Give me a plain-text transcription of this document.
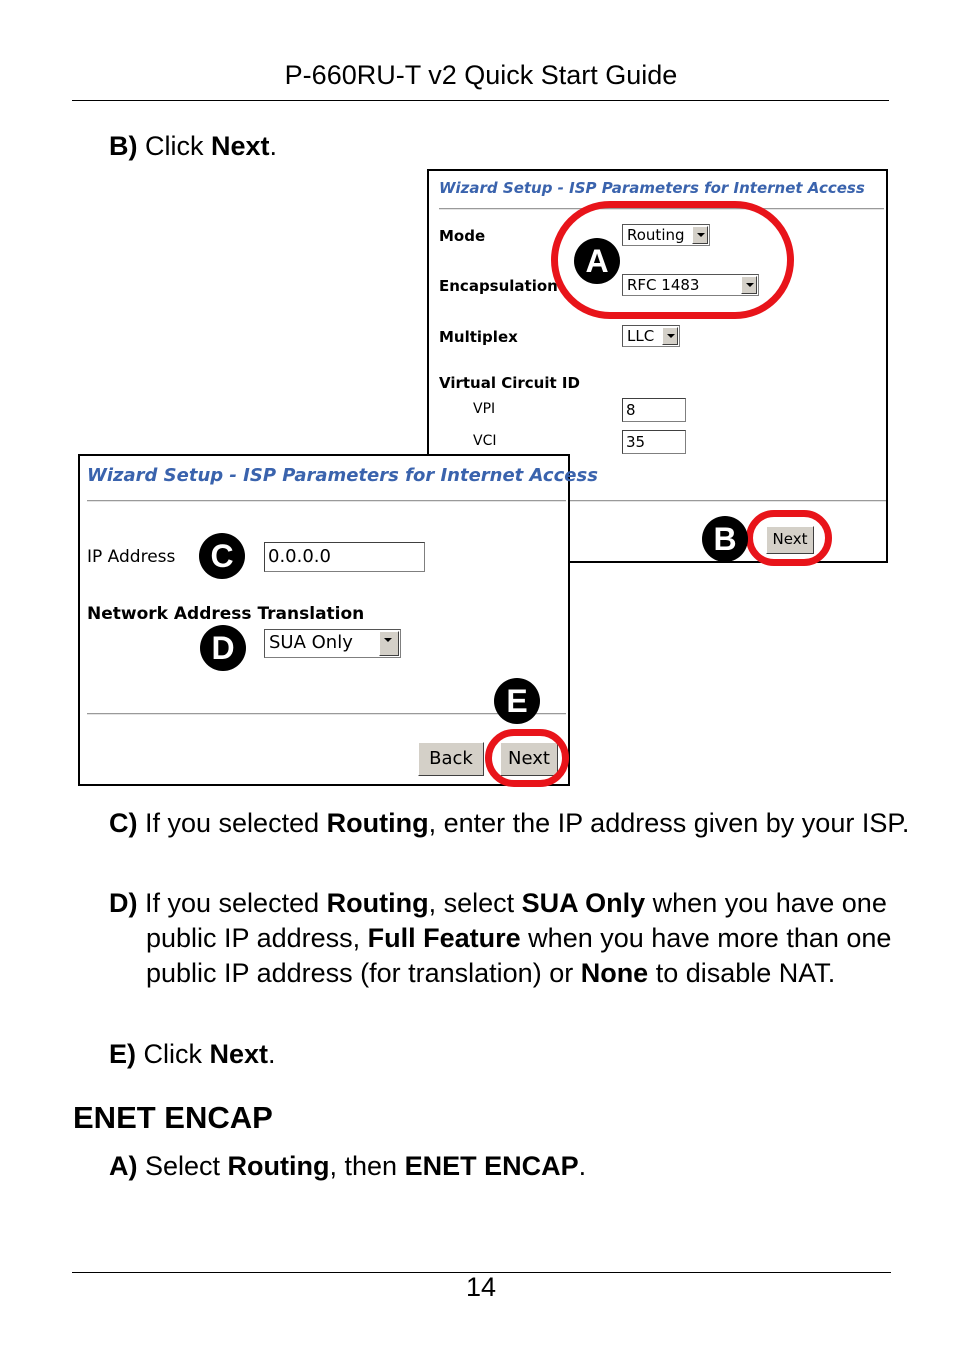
P-660RU-T v2 Quick Start Guide
B) Click Next.
Wizard Setup - ISP Parameters for Internet Access
Mode	Routing
Encapsulation	RFC 1483
Multiplex	LLC
Virtual Circuit ID
VPI	8
VCI	35
Next
A
B
Wizard Setup - ISP Parameters for Internet Access
IP Address	0.0.0.0
Network Address Translation
SUA Only
Back	Next
C
D
E
C) If you selected Routing, enter the IP address given by your ISP.
D) If you selected Routing, select SUA Only when you have one public IP address, Full Feature when you have more than one public IP address (for translation) or None to disable NAT.
E) Click Next.
ENET ENCAP
A) Select Routing, then ENET ENCAP.
14
